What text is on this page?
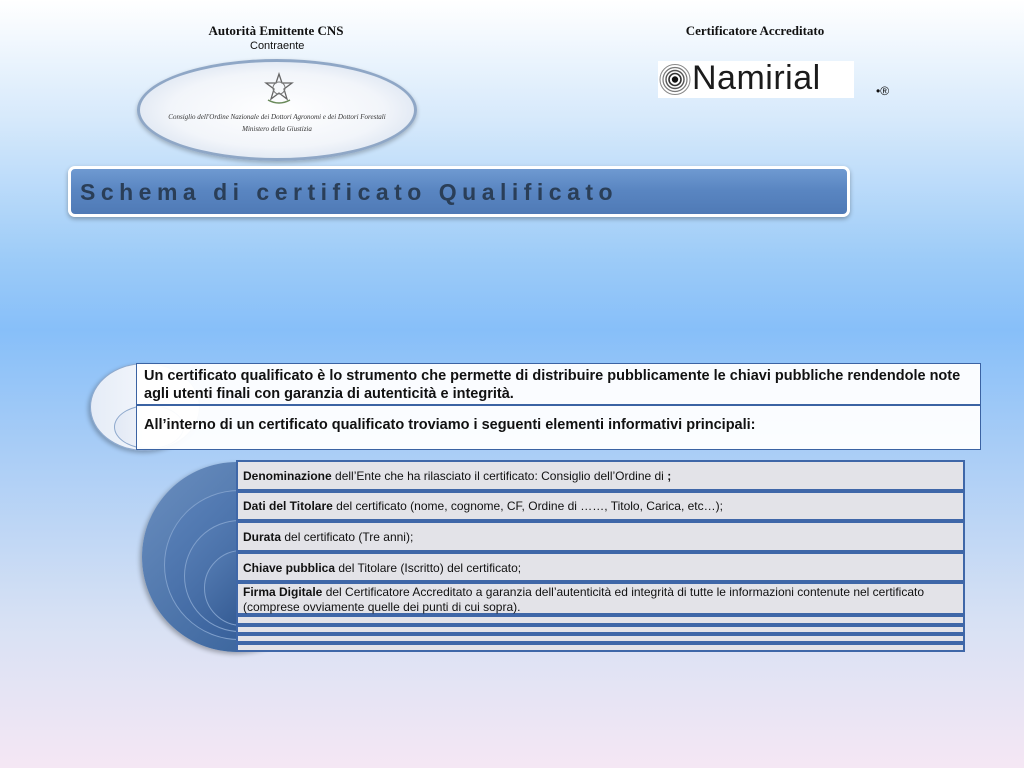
Autorità Emittente CNS
Contraente
Certificatore Accreditato
Consiglio dell'Ordine Nazionale dei Dottori Agronomi e dei Dottori Forestali
Ministero della Giustizia
Namirial	•®
Schema di certificato Qualificato
Un certificato qualificato è lo strumento che permette di distribuire pubblicamente le chiavi pubbliche rendendole note agli utenti finali con garanzia di autenticità e integrità.
All’interno di un certificato qualificato troviamo i seguenti elementi informativi principali:
Denominazione dell’Ente che ha rilasciato il certificato: Consiglio dell’Ordine di ;
Dati del Titolare del certificato (nome, cognome, CF, Ordine di ……, Titolo, Carica, etc…);
Durata del certificato (Tre anni);
Chiave pubblica del Titolare (Iscritto) del certificato;
Firma Digitale del Certificatore Accreditato a garanzia dell’autenticità ed integrità di tutte le informazioni contenute nel certificato (comprese ovviamente quelle dei punti di cui sopra).
